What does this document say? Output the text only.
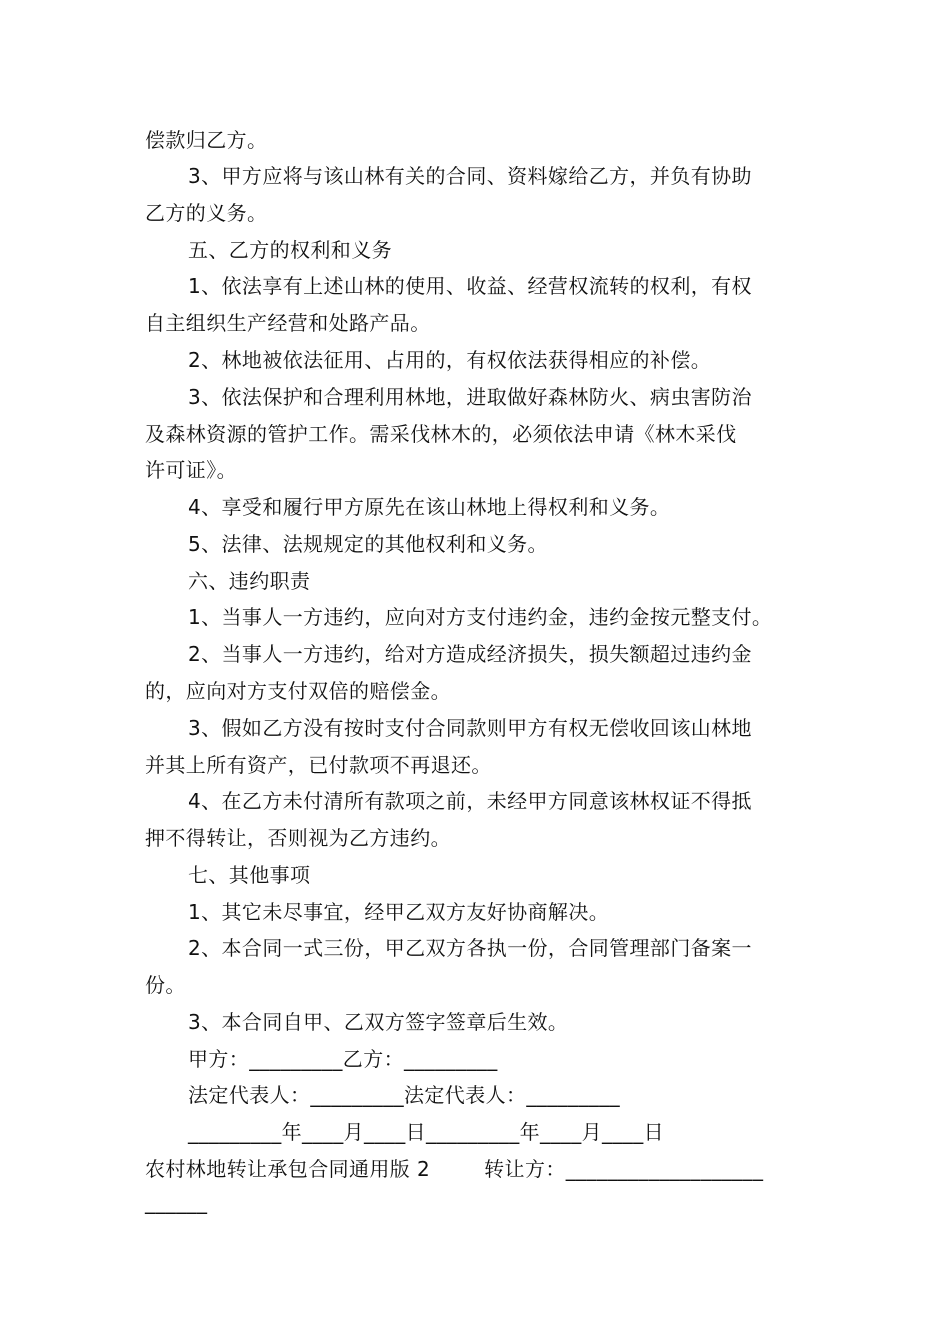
偿款归乙方。
3、甲方应将与该山林有关的合同、资料嫁给乙方，并负有协助
乙方的义务。
五、乙方的权利和义务
1、依法享有上述山林的使用、收益、经营权流转的权利，有权
自主组织生产经营和处路产品。
2、林地被依法征用、占用的，有权依法获得相应的补偿。
3、依法保护和合理利用林地，进取做好森林防火、病虫害防治
及森林资源的管护工作。需采伐林木的，必须依法申请《林木采伐
许可证》。
4、享受和履行甲方原先在该山林地上得权利和义务。
5、法律、法规规定的其他权利和义务。
六、违约职责
1、当事人一方违约，应向对方支付违约金，违约金按元整支付。
2、当事人一方违约，给对方造成经济损失，损失额超过违约金
的，应向对方支付双倍的赔偿金。
3、假如乙方没有按时支付合同款则甲方有权无偿收回该山林地
并其上所有资产，已付款项不再退还。
4、在乙方未付清所有款项之前，未经甲方同意该林权证不得抵
押不得转让，否则视为乙方违约。
七、其他事项
1、其它未尽事宜，经甲乙双方友好协商解决。
2、本合同一式三份，甲乙双方各执一份，合同管理部门备案一
份。
3、本合同自甲、乙双方签字签章后生效。
甲方：_________乙方：_________
法定代表人：_________法定代表人：_________
_________年____月____日_________年____月____日
农村林地转让承包合同通用版 2        转让方：___________________
______
